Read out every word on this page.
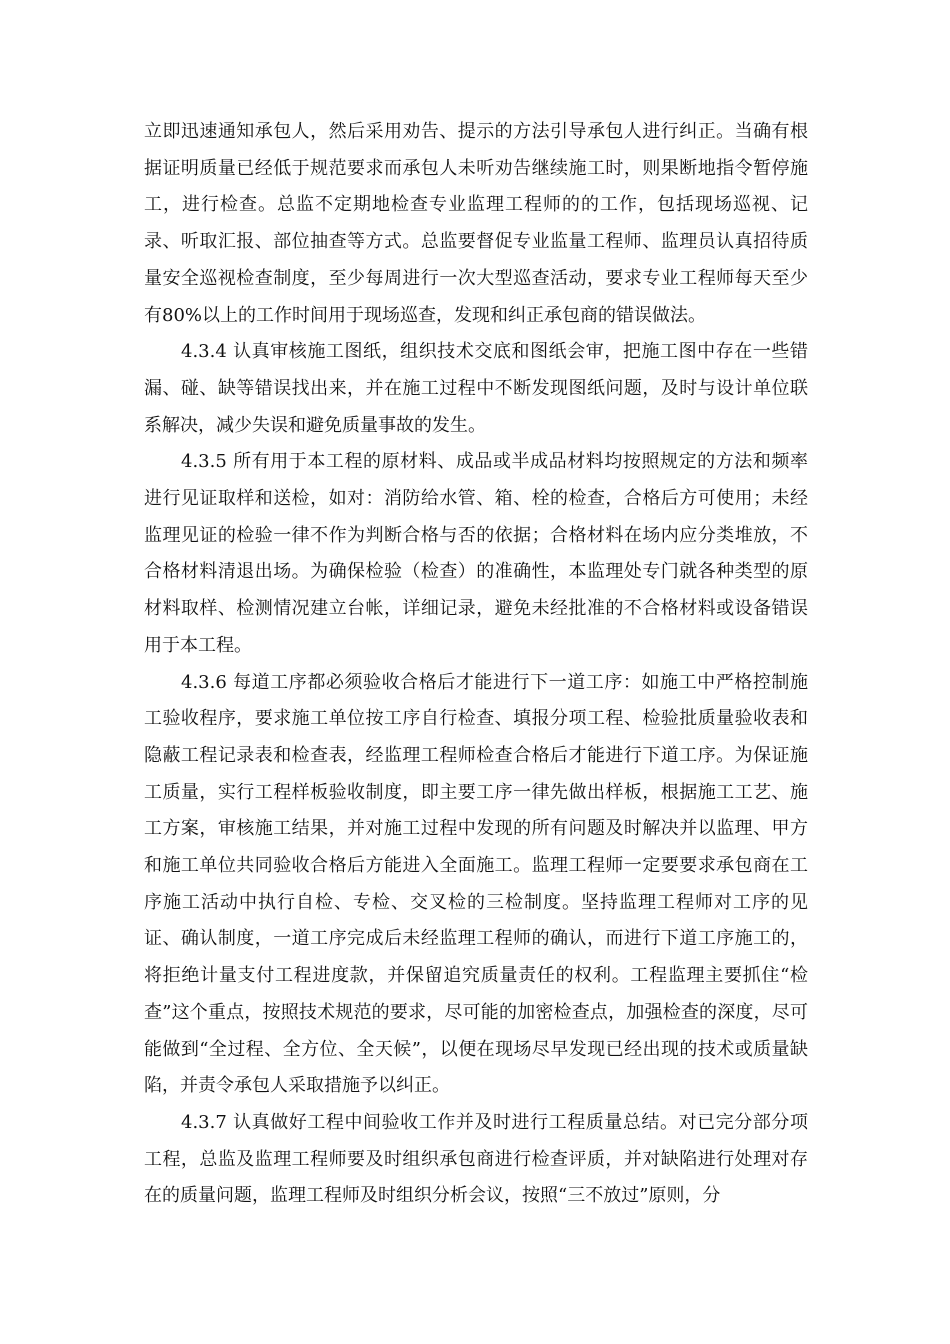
立即迅速通知承包人，然后采用劝告、提示的方法引导承包人进行纠正。当确有根据证明质量已经低于规范要求而承包人未听劝告继续施工时，则果断地指令暂停施工，进行检查。总监不定期地检查专业监理工程师的的工作，包括现场巡视、记录、听取汇报、部位抽查等方式。总监要督促专业监量工程师、监理员认真招待质量安全巡视检查制度，至少每周进行一次大型巡查活动，要求专业工程师每天至少有80%以上的工作时间用于现场巡查，发现和纠正承包商的错误做法。

4.3.4 认真审核施工图纸，组织技术交底和图纸会审，把施工图中存在一些错漏、碰、缺等错误找出来，并在施工过程中不断发现图纸问题，及时与设计单位联系解决，减少失误和避免质量事故的发生。

4.3.5 所有用于本工程的原材料、成品或半成品材料均按照规定的方法和频率进行见证取样和送检，如对：消防给水管、箱、栓的检查，合格后方可使用；未经监理见证的检验一律不作为判断合格与否的依据；合格材料在场内应分类堆放，不合格材料清退出场。为确保检验（检查）的准确性，本监理处专门就各种类型的原材料取样、检测情况建立台帐，详细记录，避免未经批准的不合格材料或设备错误用于本工程。

4.3.6 每道工序都必须验收合格后才能进行下一道工序：如施工中严格控制施工验收程序，要求施工单位按工序自行检查、填报分项工程、检验批质量验收表和隐蔽工程记录表和检查表，经监理工程师检查合格后才能进行下道工序。为保证施工质量，实行工程样板验收制度，即主要工序一律先做出样板，根据施工工艺、施工方案，审核施工结果，并对施工过程中发现的所有问题及时解决并以监理、甲方和施工单位共同验收合格后方能进入全面施工。监理工程师一定要要求承包商在工序施工活动中执行自检、专检、交叉检的三检制度。坚持监理工程师对工序的见证、确认制度，一道工序完成后未经监理工程师的确认，而进行下道工序施工的，将拒绝计量支付工程进度款，并保留追究质量责任的权利。工程监理主要抓住“检查”这个重点，按照技术规范的要求，尽可能的加密检查点，加强检查的深度，尽可能做到“全过程、全方位、全天候”，以便在现场尽早发现已经出现的技术或质量缺陷，并责令承包人采取措施予以纠正。

4.3.7 认真做好工程中间验收工作并及时进行工程质量总结。对已完分部分项工程，总监及监理工程师要及时组织承包商进行检查评质，并对缺陷进行处理对存在的质量问题，监理工程师及时组织分析会议，按照“三不放过”原则，分
